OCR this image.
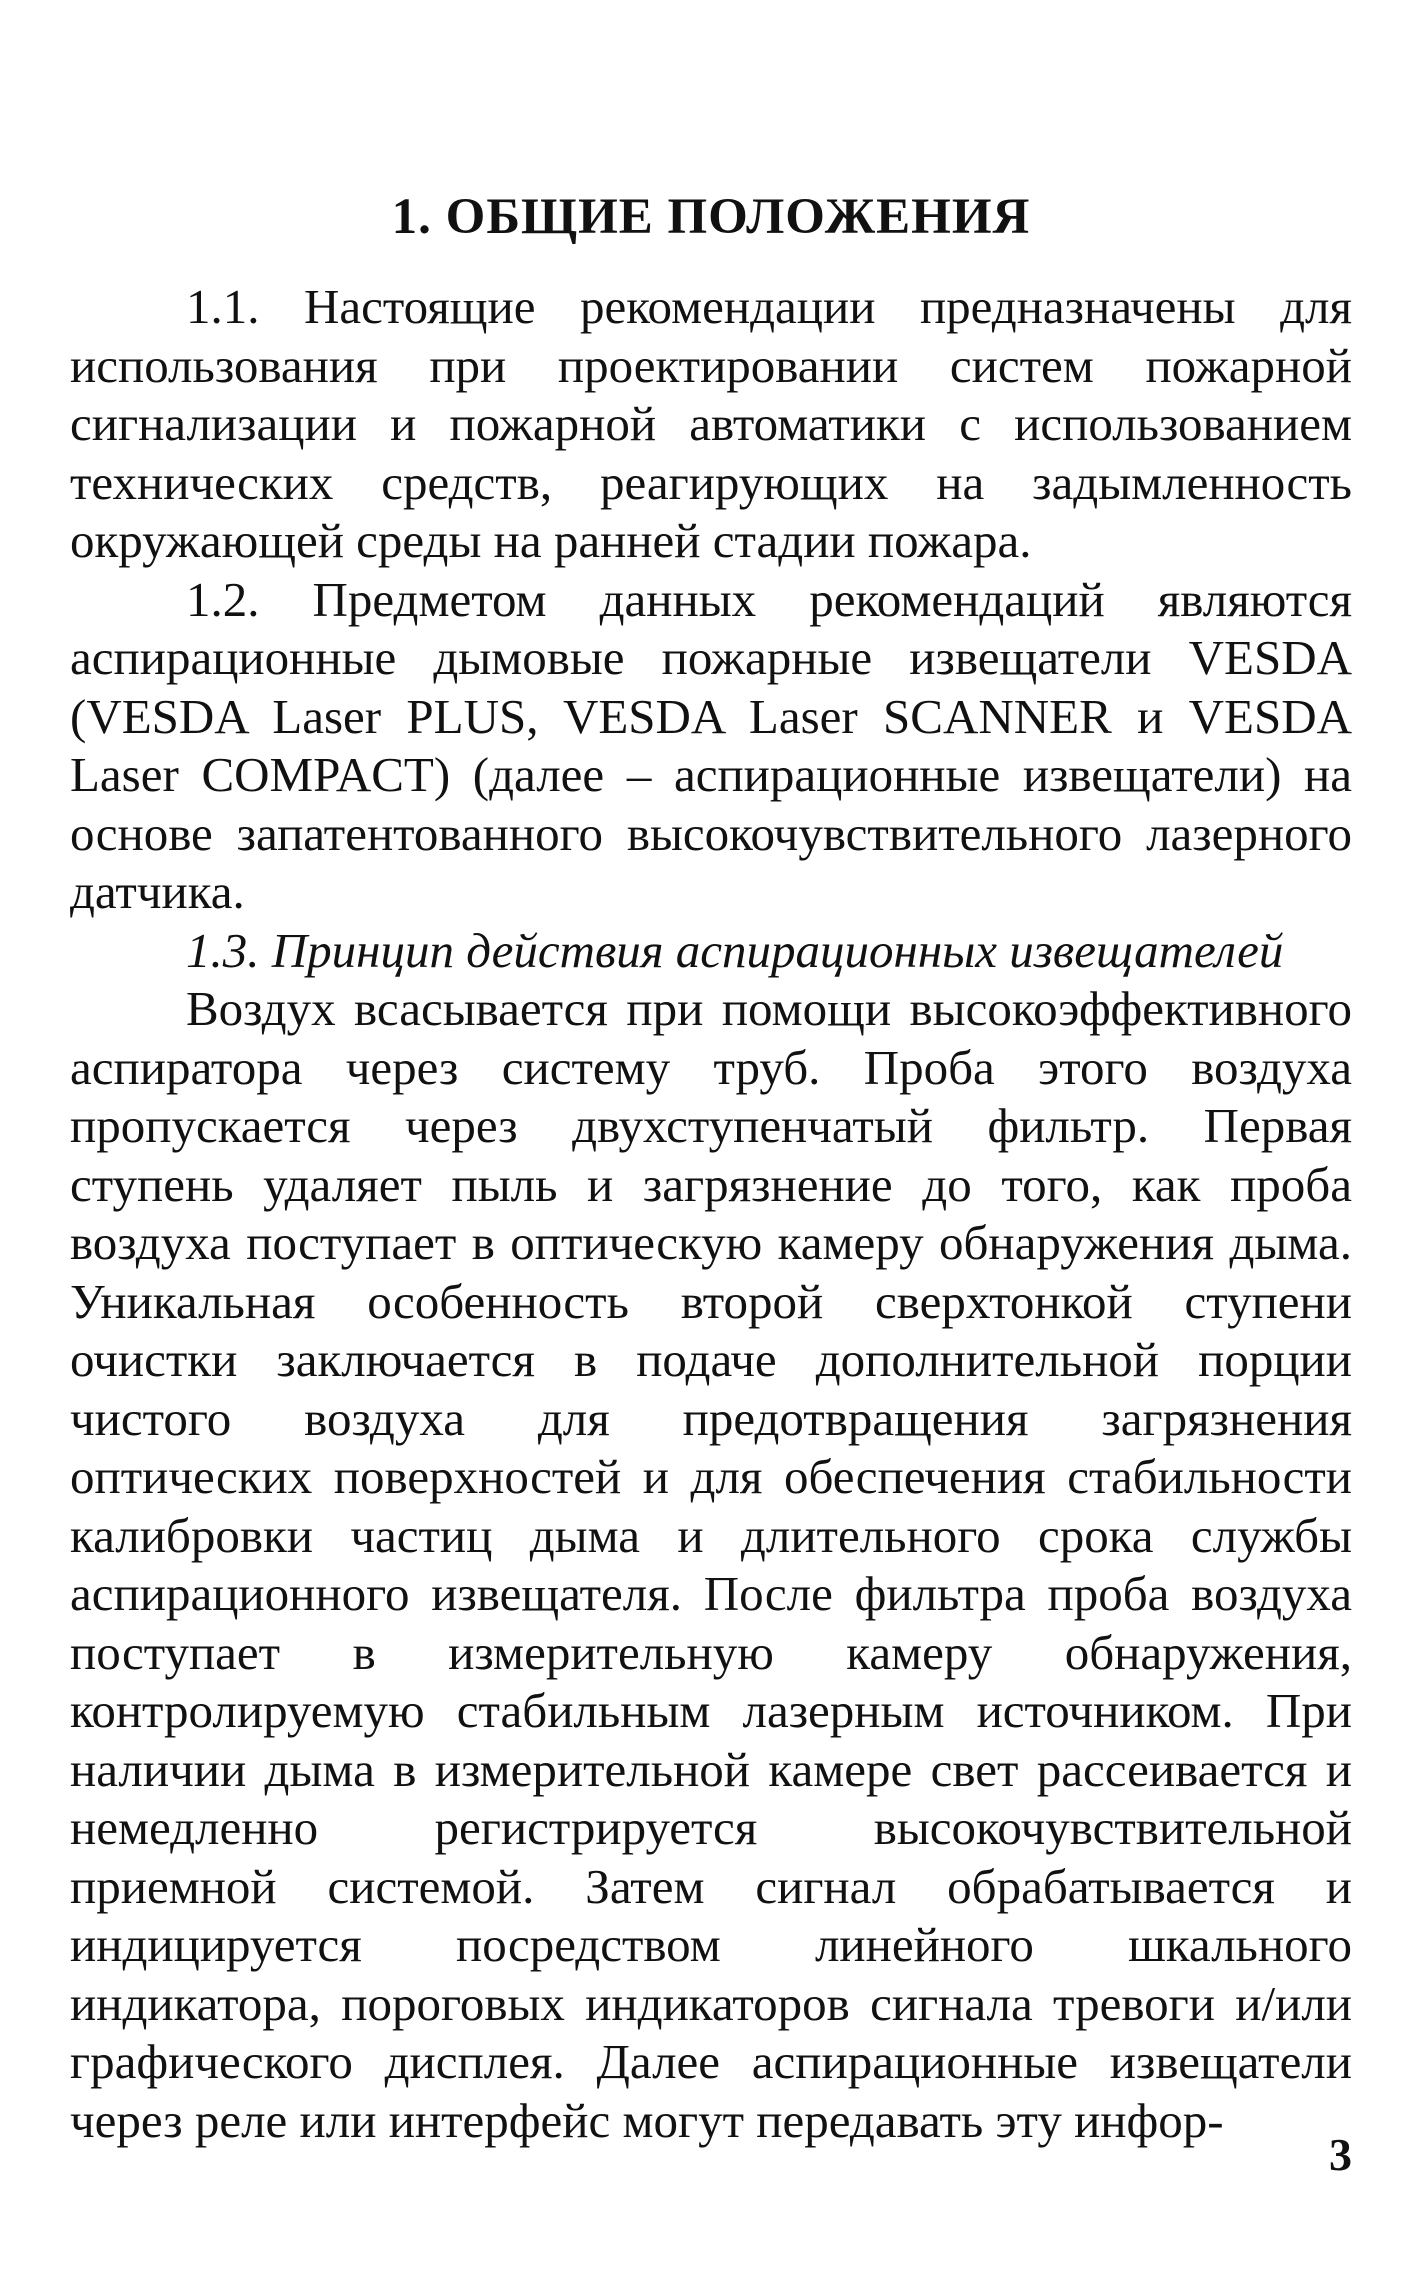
1. ОБЩИЕ ПОЛОЖЕНИЯ

1.1. Настоящие рекомендации предназначены для использования при проектировании систем пожарной сигнализации и пожарной автоматики с использованием технических средств, реагирующих на задымленность окружающей среды на ранней стадии пожара.

1.2. Предметом данных рекомендаций являются аспирационные дымовые пожарные извещатели VESDA (VESDA Laser PLUS, VESDA Laser SCANNER и VESDA Laser COMPACT) (далее – аспирационные извещатели) на основе запатентованного высокочувствительного лазерного датчика.

1.3. Принцип действия аспирационных извещателей

Воздух всасывается при помощи высокоэффективного аспиратора через систему труб. Проба этого воздуха пропускается через двухступенчатый фильтр. Первая ступень удаляет пыль и загрязнение до того, как проба воздуха поступает в оптическую камеру обнаружения дыма. Уникальная особенность второй сверхтонкой ступени очистки заключается в подаче дополнительной порции чистого воздуха для предотвращения загрязнения оптических поверхностей и для обеспечения стабильности калибровки частиц дыма и длительного срока службы аспирационного извещателя. После фильтра проба воздуха поступает в измерительную камеру обнаружения, контролируемую стабильным лазерным источником. При наличии дыма в измерительной камере свет рассеивается и немедленно регистрируется высокочувствительной приемной системой. Затем сигнал обрабатывается и индицируется посредством линейного шкального индикатора, пороговых индикаторов сигнала тревоги и/или графического дисплея. Далее аспирационные извещатели через реле или интерфейс могут передавать эту инфор-

3
